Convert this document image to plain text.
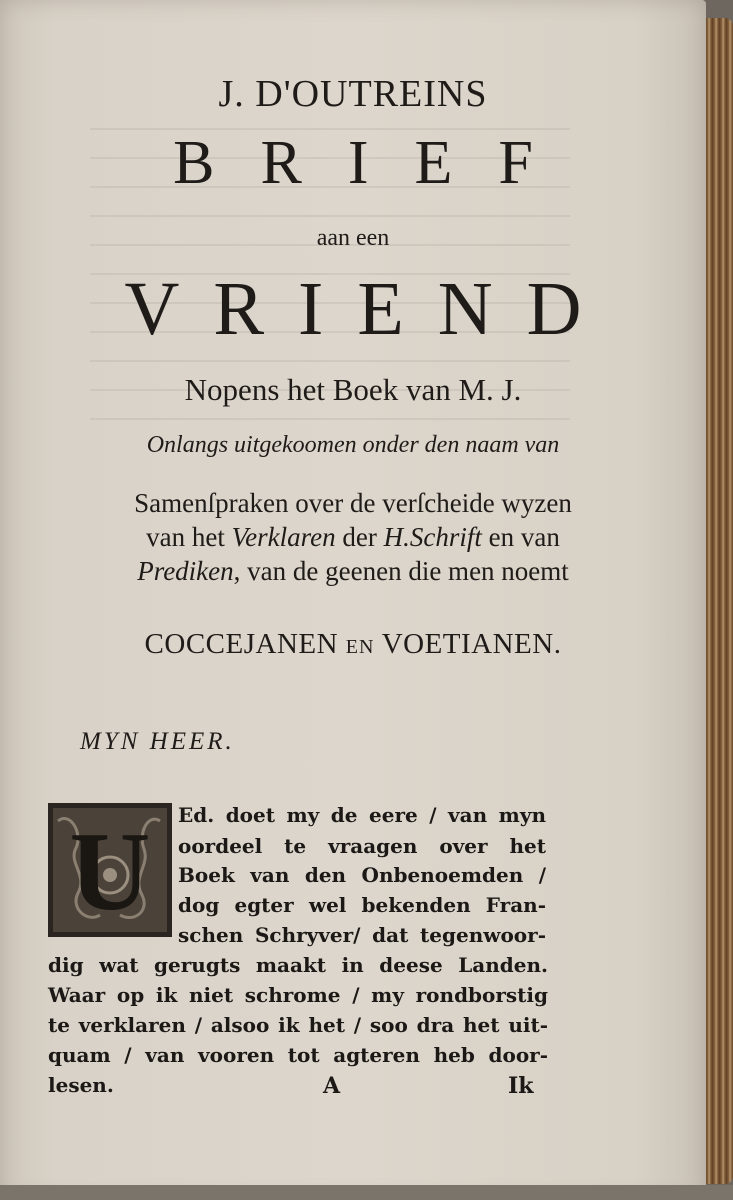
J. D'OUTREINS
BRIEF
aan een
VRIEND
Nopens het Boek van M. J.
Onlangs uitgekoomen onder den naam van
Samenſpraken over de verſcheide wyzen
van het Verklaren der H.Schrift en van
Prediken, van de geenen die men noemt
COCCEJANEN EN VOETIANEN.
MYN HEER.
U Ed. doet my de eere / van myn
oordeel te vraagen over het
Boek van den Onbenoemden /
dog egter wel bekenden Fran-
schen Schryver/ dat tegenwoor-
dig wat gerugts maakt in deese Landen.
Waar op ik niet schrome / my rondborstig
te verklaren / alsoo ik het / soo dra het uit-
quam / van vooren tot agteren heb door-
lesen.	A	Ik
